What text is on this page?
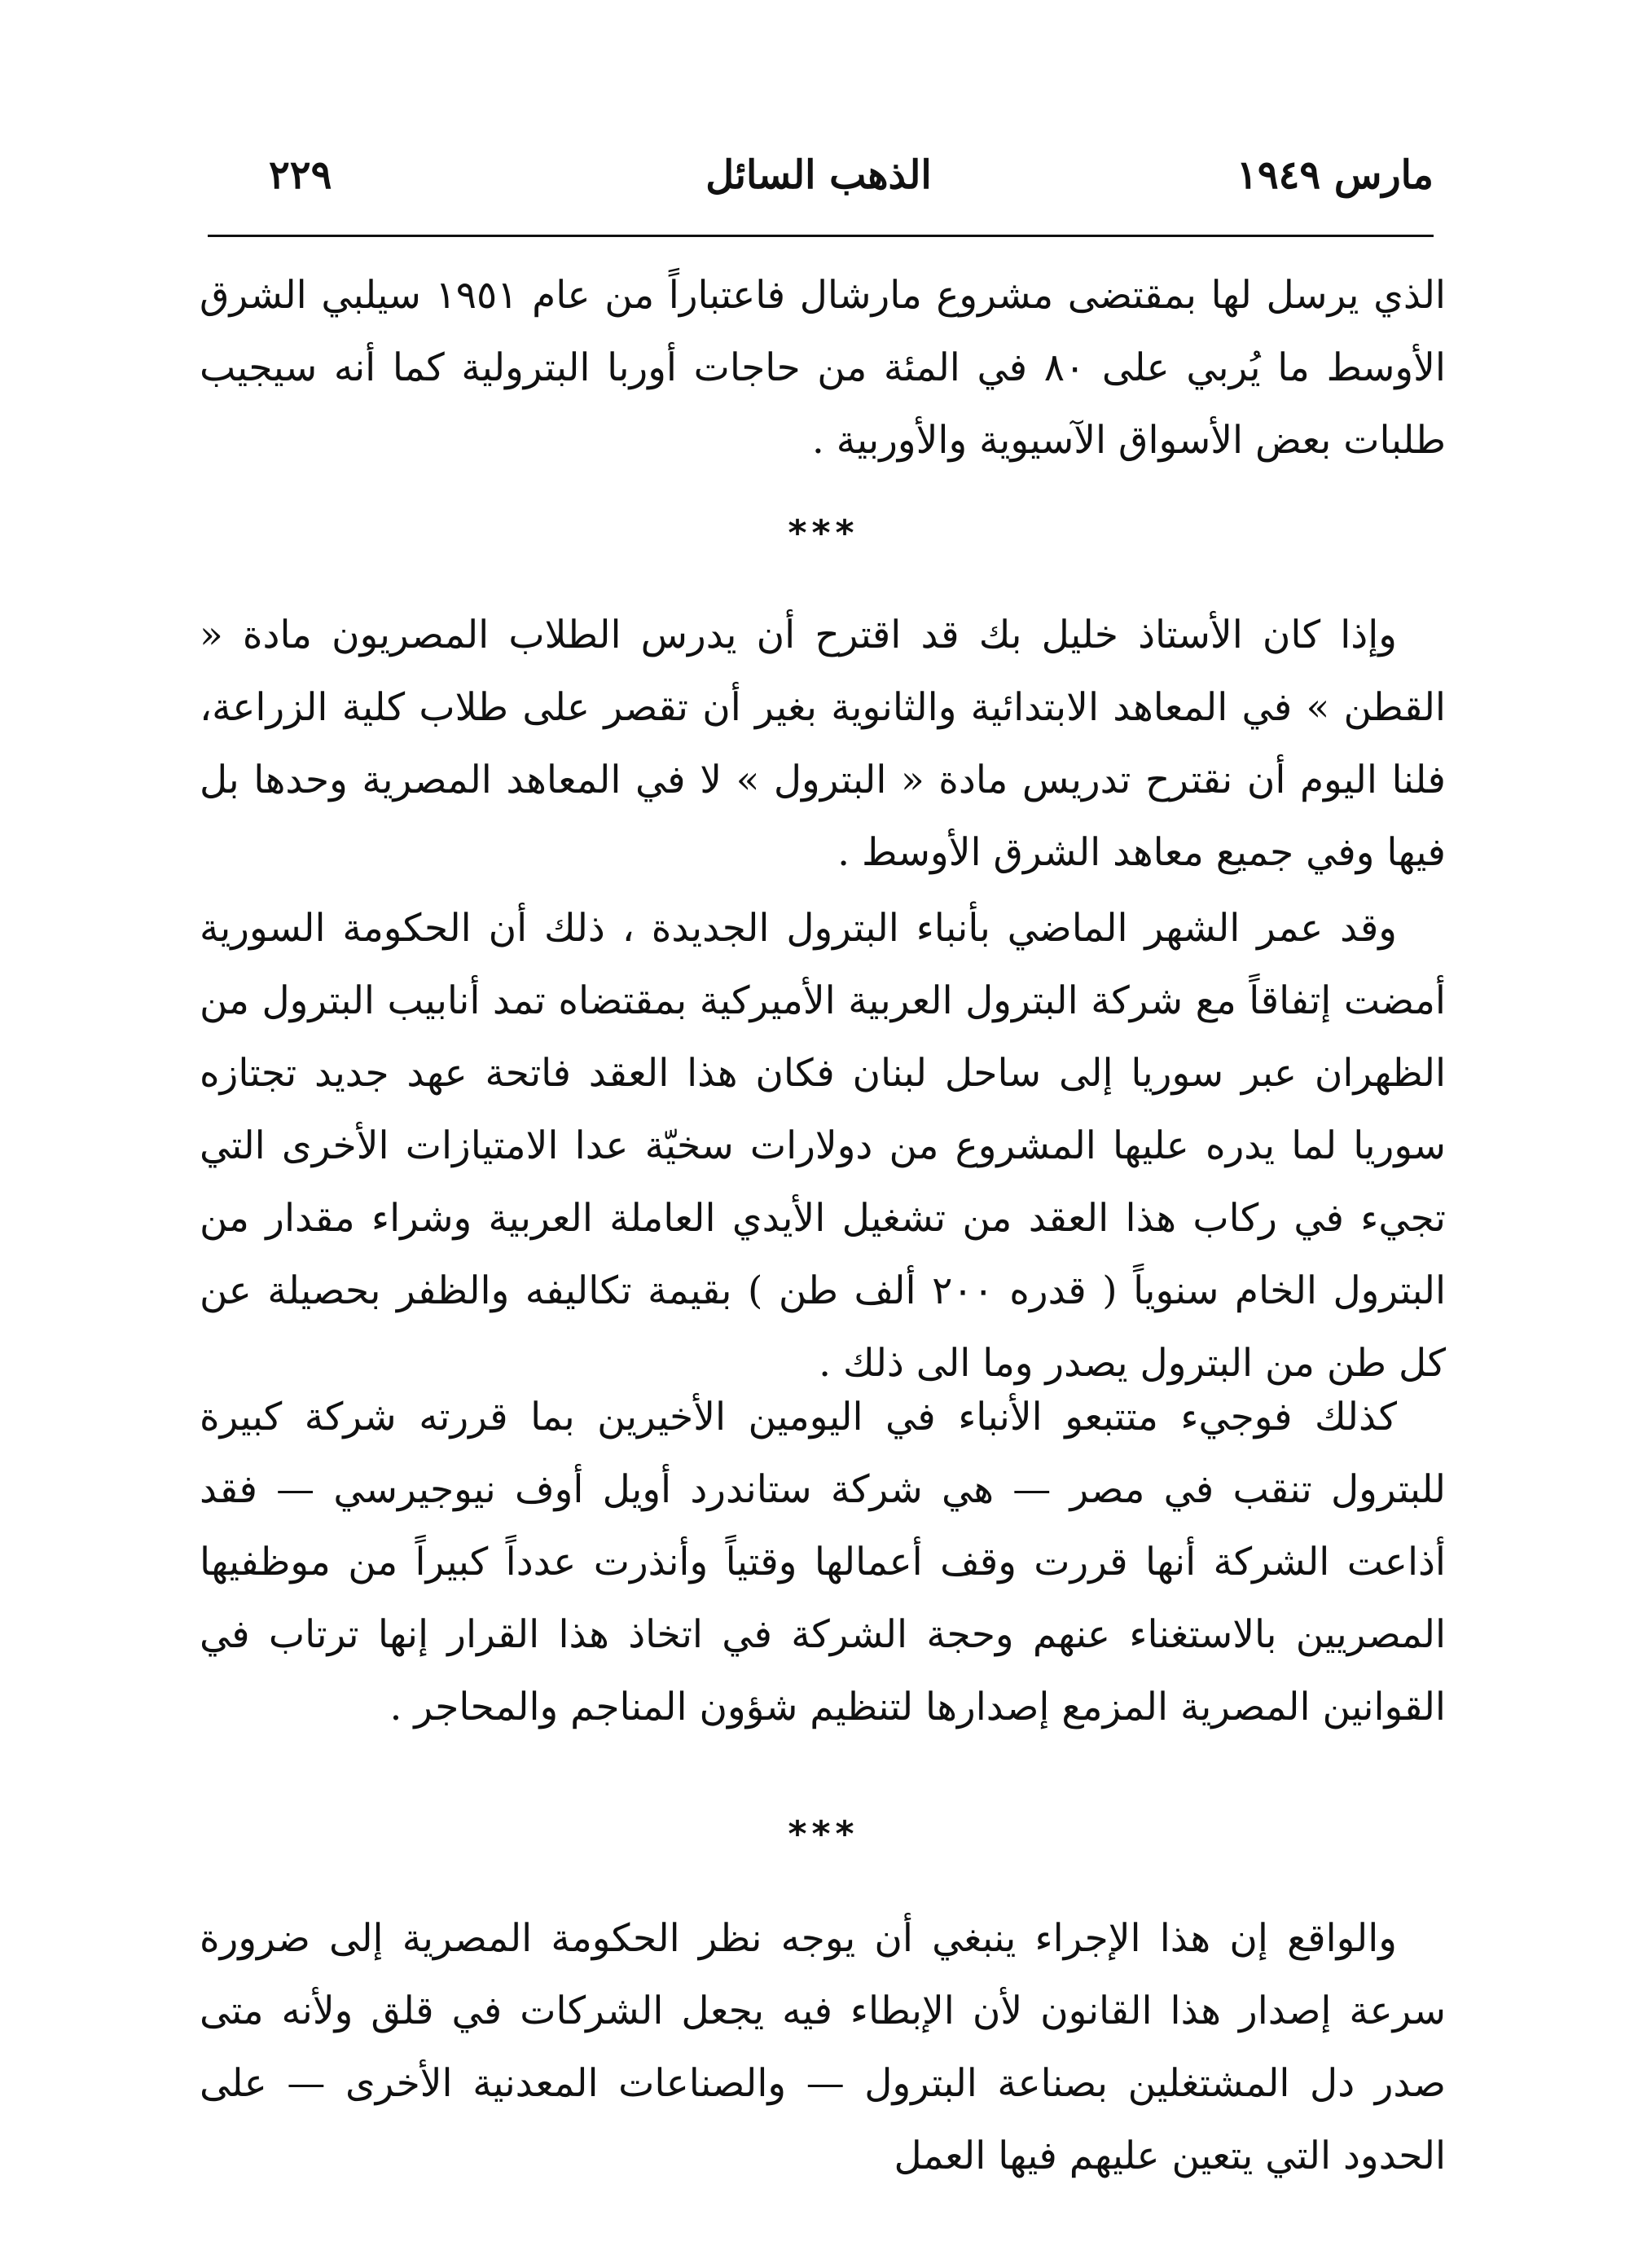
مارس ١٩٤٩
الذهب السائل
٢٢٩

الذي يرسل لها بمقتضى مشروع مارشال فاعتباراً من عام ١٩٥١ سيلبي الشرق الأوسط ما يُربي على ٨٠ في المئة من حاجات أوربا البترولية كما أنه سيجيب طلبات بعض الأسواق الآسيوية والأوربية .

***

وإذا كان الأستاذ خليل بك قد اقترح أن يدرس الطلاب المصريون مادة « القطن » في المعاهد الابتدائية والثانوية بغير أن تقصر على طلاب كلية الزراعة، فلنا اليوم أن نقترح تدريس مادة « البترول » لا في المعاهد المصرية وحدها بل فيها وفي جميع معاهد الشرق الأوسط .

وقد عمر الشهر الماضي بأنباء البترول الجديدة ، ذلك أن الحكومة السورية أمضت إتفاقاً مع شركة البترول العربية الأميركية بمقتضاه تمد أنابيب البترول من الظهران عبر سوريا إلى ساحل لبنان فكان هذا العقد فاتحة عهد جديد تجتازه سوريا لما يدره عليها المشروع من دولارات سخيّة عدا الامتيازات الأخرى التي تجيء في ركاب هذا العقد من تشغيل الأيدي العاملة العربية وشراء مقدار من البترول الخام سنوياً ( قدره ٢٠٠ ألف طن ) بقيمة تكاليفه والظفر بحصيلة عن كل طن من البترول يصدر وما الى ذلك .

كذلك فوجيء متتبعو الأنباء في اليومين الأخيرين بما قررته شركة كبيرة للبترول تنقب في مصر — هي شركة ستاندرد أويل أوف نيوجيرسي — فقد أذاعت الشركة أنها قررت وقف أعمالها وقتياً وأنذرت عدداً كبيراً من موظفيها المصريين بالاستغناء عنهم وحجة الشركة في اتخاذ هذا القرار إنها ترتاب في القوانين المصرية المزمع إصدارها لتنظيم شؤون المناجم والمحاجر .

***

والواقع إن هذا الإجراء ينبغي أن يوجه نظر الحكومة المصرية إلى ضرورة سرعة إصدار هذا القانون لأن الإبطاء فيه يجعل الشركات في قلق ولأنه متى صدر دل المشتغلين بصناعة البترول — والصناعات المعدنية الأخرى — على الحدود التي يتعين عليهم فيها العمل
